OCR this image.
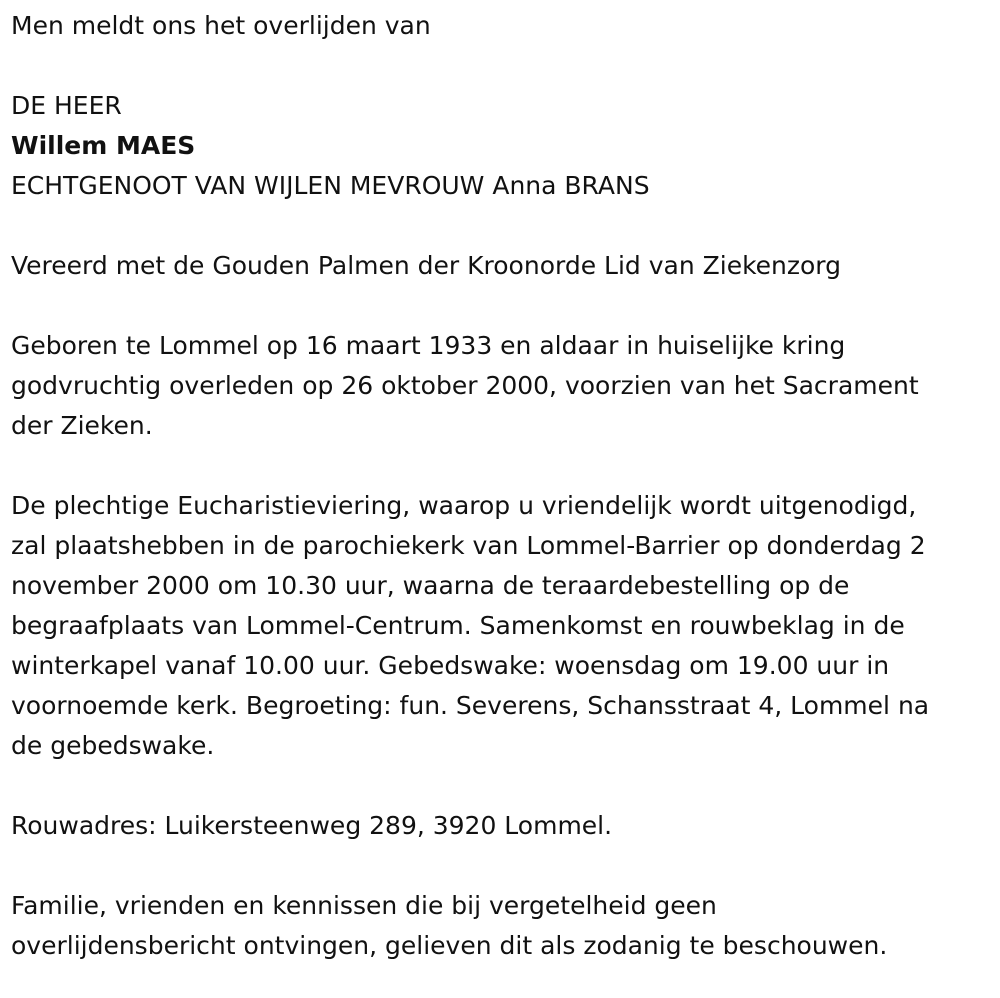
Men meldt ons het overlijden van

DE HEER

Willem MAES

ECHTGENOOT VAN WIJLEN MEVROUW Anna BRANS

Vereerd met de Gouden Palmen der Kroonorde Lid van Ziekenzorg

Geboren te Lommel op 16 maart 1933 en aldaar in huiselijke kring

godvruchtig overleden op 26 oktober 2000, voorzien van het Sacrament

der Zieken.

De plechtige Eucharistieviering, waarop u vriendelijk wordt uitgenodigd,

zal plaatshebben in de parochiekerk van Lommel-Barrier op donderdag 2

november 2000 om 10.30 uur, waarna de teraardebestelling op de

begraafplaats van Lommel-Centrum. Samenkomst en rouwbeklag in de

winterkapel vanaf 10.00 uur. Gebedswake: woensdag om 19.00 uur in

voornoemde kerk. Begroeting: fun. Severens, Schansstraat 4, Lommel na

de gebedswake.

Rouwadres: Luikersteenweg 289, 3920 Lommel.

Familie, vrienden en kennissen die bij vergetelheid geen

overlijdensbericht ontvingen, gelieven dit als zodanig te beschouwen.
